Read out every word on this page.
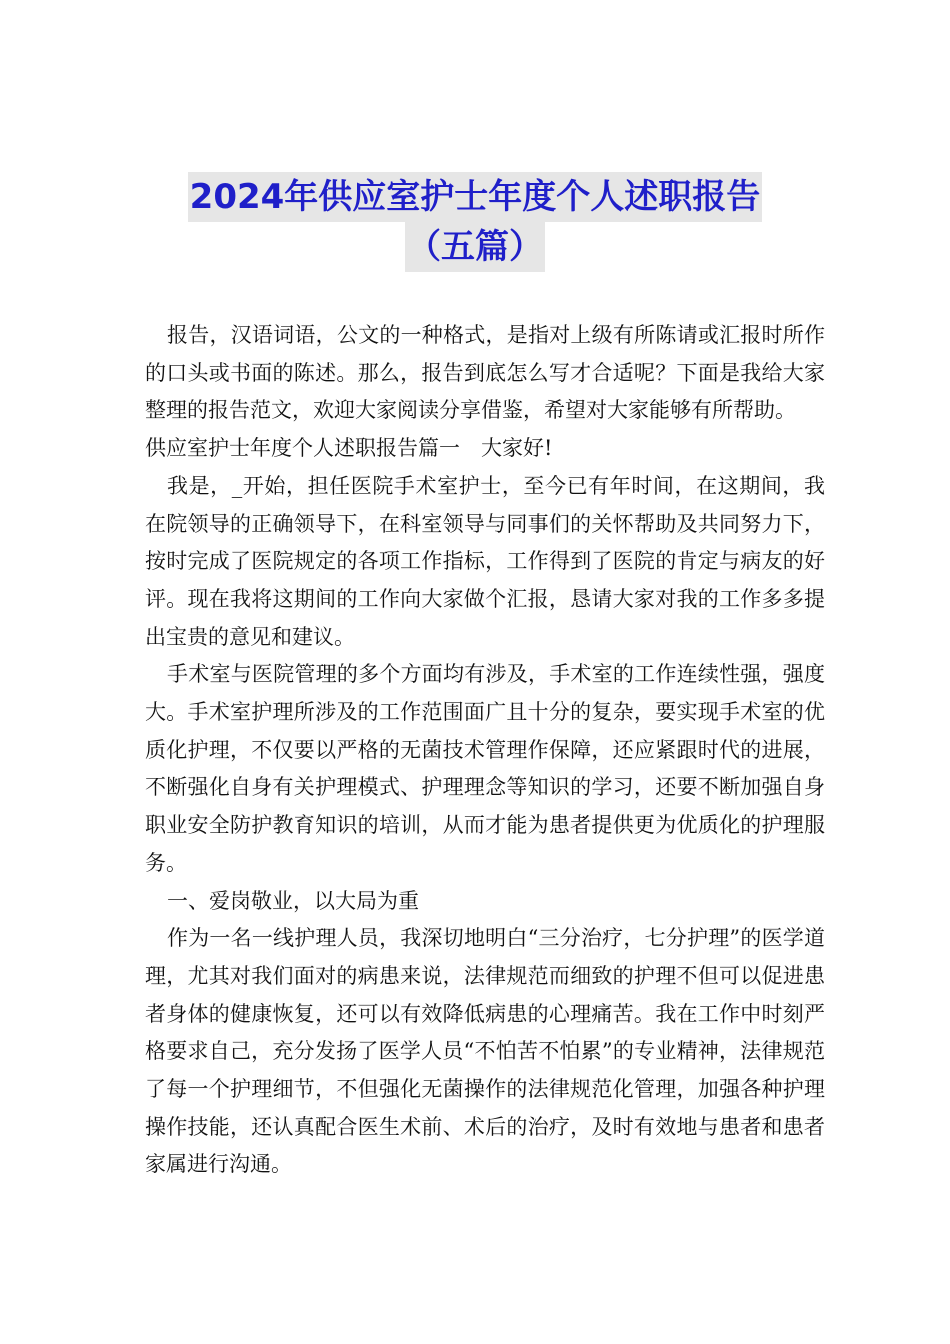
2024年供应室护士年度个人述职报告
（五篇）

报告，汉语词语，公文的一种格式，是指对上级有所陈请或汇报时所作的口头或书面的陈述。那么，报告到底怎么写才合适呢？下面是我给大家整理的报告范文，欢迎大家阅读分享借鉴，希望对大家能够有所帮助。

供应室护士年度个人述职报告篇一　大家好!

我是，_开始，担任医院手术室护士，至今已有年时间，在这期间，我在院领导的正确领导下，在科室领导与同事们的关怀帮助及共同努力下，按时完成了医院规定的各项工作指标，工作得到了医院的肯定与病友的好评。现在我将这期间的工作向大家做个汇报，恳请大家对我的工作多多提出宝贵的意见和建议。

手术室与医院管理的多个方面均有涉及，手术室的工作连续性强，强度大。手术室护理所涉及的工作范围面广且十分的复杂，要实现手术室的优质化护理，不仅要以严格的无菌技术管理作保障，还应紧跟时代的进展，不断强化自身有关护理模式、护理理念等知识的学习，还要不断加强自身职业安全防护教育知识的培训，从而才能为患者提供更为优质化的护理服务。

一、爱岗敬业，以大局为重

作为一名一线护理人员，我深切地明白“三分治疗，七分护理”的医学道理，尤其对我们面对的病患来说，法律规范而细致的护理不但可以促进患者身体的健康恢复，还可以有效降低病患的心理痛苦。我在工作中时刻严格要求自己，充分发扬了医学人员“不怕苦不怕累”的专业精神，法律规范了每一个护理细节，不但强化无菌操作的法律规范化管理，加强各种护理操作技能，还认真配合医生术前、术后的治疗，及时有效地与患者和患者家属进行沟通。
